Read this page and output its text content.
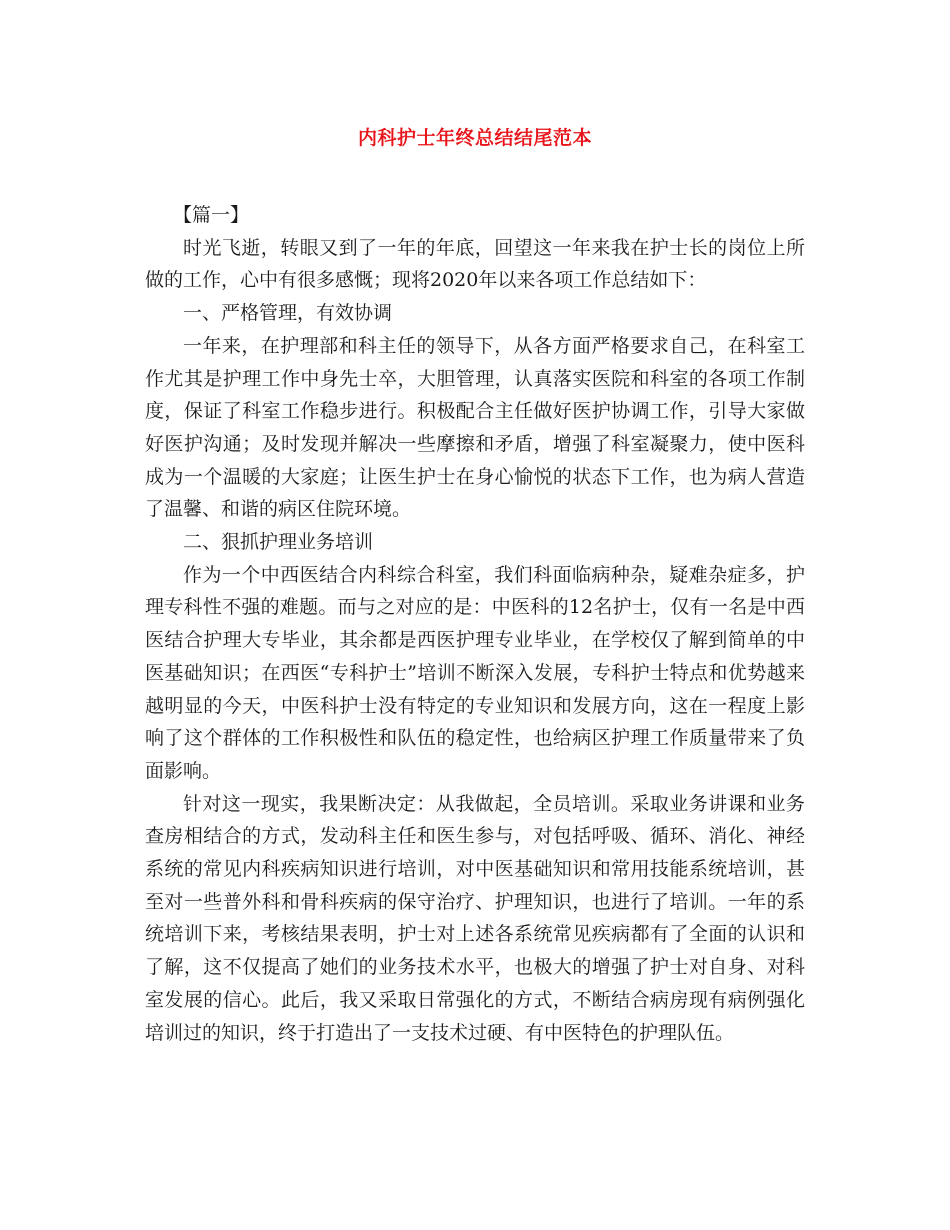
内科护士年终总结结尾范本

【篇一】

时光飞逝，转眼又到了一年的年底，回望这一年来我在护士长的岗位上所做的工作，心中有很多感慨；现将2020年以来各项工作总结如下：

一、严格管理，有效协调

一年来，在护理部和科主任的领导下，从各方面严格要求自己，在科室工作尤其是护理工作中身先士卒，大胆管理，认真落实医院和科室的各项工作制度，保证了科室工作稳步进行。积极配合主任做好医护协调工作，引导大家做好医护沟通；及时发现并解决一些摩擦和矛盾，增强了科室凝聚力，使中医科成为一个温暖的大家庭；让医生护士在身心愉悦的状态下工作，也为病人营造了温馨、和谐的病区住院环境。

二、狠抓护理业务培训

作为一个中西医结合内科综合科室，我们科面临病种杂，疑难杂症多，护理专科性不强的难题。而与之对应的是：中医科的12名护士，仅有一名是中西医结合护理大专毕业，其余都是西医护理专业毕业，在学校仅了解到简单的中医基础知识；在西医“专科护士”培训不断深入发展，专科护士特点和优势越来越明显的今天，中医科护士没有特定的专业知识和发展方向，这在一程度上影响了这个群体的工作积极性和队伍的稳定性，也给病区护理工作质量带来了负面影响。

针对这一现实，我果断决定：从我做起，全员培训。采取业务讲课和业务查房相结合的方式，发动科主任和医生参与，对包括呼吸、循环、消化、神经系统的常见内科疾病知识进行培训，对中医基础知识和常用技能系统培训，甚至对一些普外科和骨科疾病的保守治疗、护理知识，也进行了培训。一年的系统培训下来，考核结果表明，护士对上述各系统常见疾病都有了全面的认识和了解，这不仅提高了她们的业务技术水平，也极大的增强了护士对自身、对科室发展的信心。此后，我又采取日常强化的方式，不断结合病房现有病例强化培训过的知识，终于打造出了一支技术过硬、有中医特色的护理队伍。
